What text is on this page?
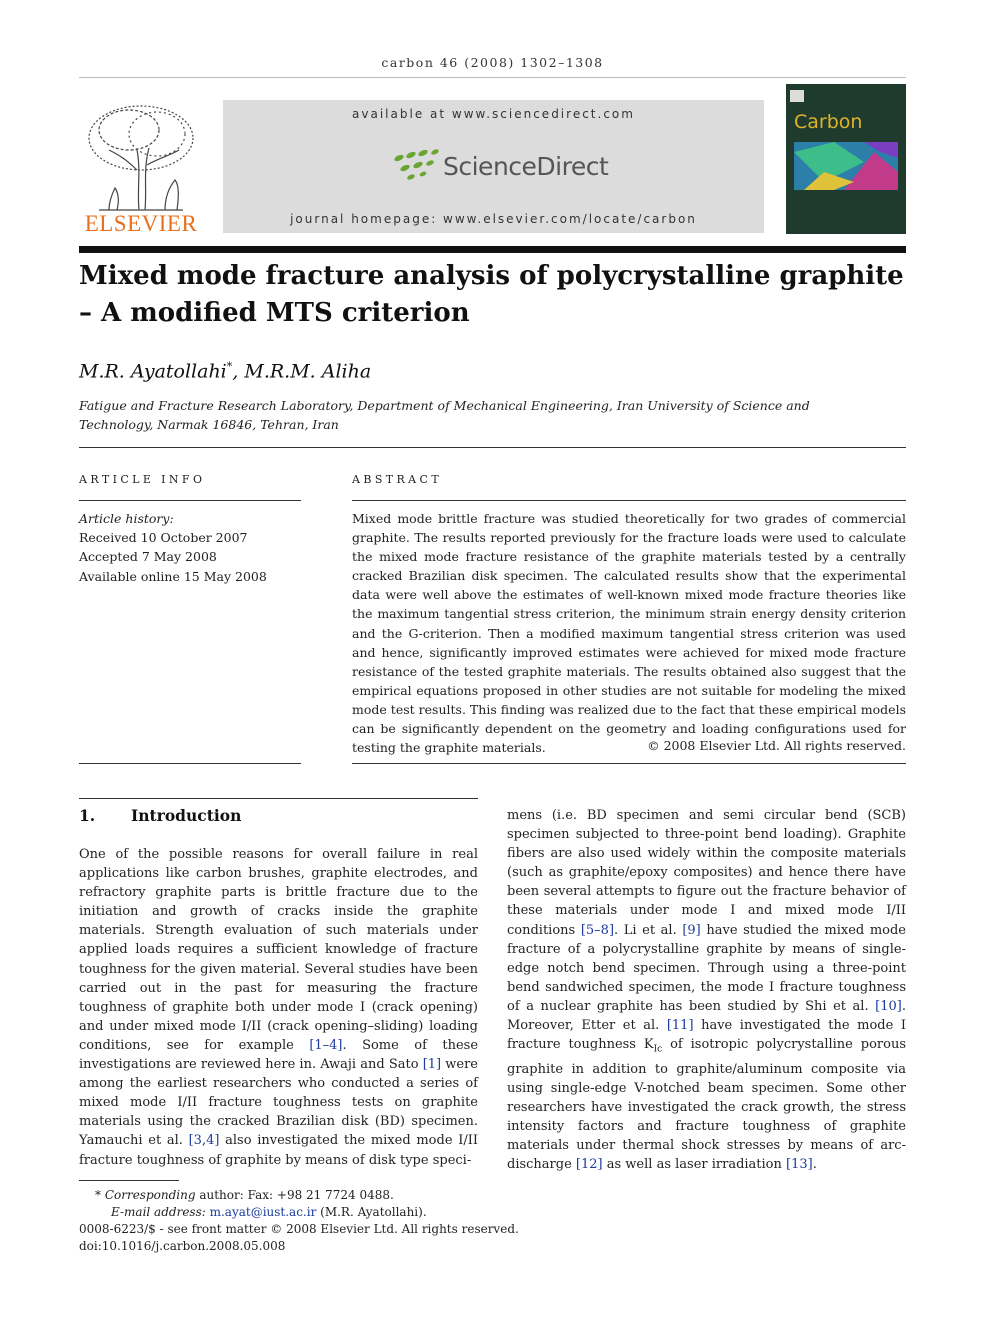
carbon 46 (2008) 1302–1308
ELSEVIER
available at www.sciencedirect.com
ScienceDirect
journal homepage: www.elsevier.com/locate/carbon
Carbon
Mixed mode fracture analysis of polycrystalline graphite – A modified MTS criterion
M.R. Ayatollahi*, M.R.M. Aliha
Fatigue and Fracture Research Laboratory, Department of Mechanical Engineering, Iran University of Science and Technology, Narmak 16846, Tehran, Iran
ARTICLE INFO
Article history:
Received 10 October 2007
Accepted 7 May 2008
Available online 15 May 2008
ABSTRACT

Mixed mode brittle fracture was studied theoretically for two grades of commercial graphite. The results reported previously for the fracture loads were used to calculate the mixed mode fracture resistance of the graphite materials tested by a centrally cracked Brazilian disk specimen. The calculated results show that the experimental data were well above the estimates of well-known mixed mode fracture theories like the maximum tangential stress criterion, the minimum strain energy density criterion and the G-criterion. Then a modified maximum tangential stress criterion was used and hence, significantly improved estimates were achieved for mixed mode fracture resistance of the tested graphite materials. The results obtained also suggest that the empirical equations proposed in other studies are not suitable for modeling the mixed mode test results. This finding was realized due to the fact that these empirical models can be significantly dependent on the geometry and loading configurations used for testing the graphite materials.	© 2008 Elsevier Ltd. All rights reserved.
1. Introduction

One of the possible reasons for overall failure in real applications like carbon brushes, graphite electrodes, and refractory graphite parts is brittle fracture due to the initiation and growth of cracks inside the graphite materials. Strength evaluation of such materials under applied loads requires a sufficient knowledge of fracture toughness for the given material. Several studies have been carried out in the past for measuring the fracture toughness of graphite both under mode I (crack opening) and under mixed mode I/II (crack opening–sliding) loading conditions, see for example [1–4]. Some of these investigations are reviewed here in. Awaji and Sato [1] were among the earliest researchers who conducted a series of mixed mode I/II fracture toughness tests on graphite materials using the cracked Brazilian disk (BD) specimen. Yamauchi et al. [3,4] also investigated the mixed mode I/II fracture toughness of graphite by means of disk type speci-

mens (i.e. BD specimen and semi circular bend (SCB) specimen subjected to three-point bend loading). Graphite fibers are also used widely within the composite materials (such as graphite/epoxy composites) and hence there have been several attempts to figure out the fracture behavior of these materials under mode I and mixed mode I/II conditions [5–8]. Li et al. [9] have studied the mixed mode fracture of a polycrystalline graphite by means of single-edge notch bend specimen. Through using a three-point bend sandwiched specimen, the mode I fracture toughness of a nuclear graphite has been studied by Shi et al. [10]. Moreover, Etter et al. [11] have investigated the mode I fracture toughness $K_{Ic}$ of isotropic polycrystalline porous graphite in addition to graphite/aluminum composite via using single-edge V-notched beam specimen. Some other researchers have investigated the crack growth, the stress intensity factors and fracture toughness of graphite materials under thermal shock stresses by means of arc-discharge [12] as well as laser irradiation [13].

* Corresponding author: Fax: +98 21 7724 0488.
E-mail address: m.ayat@iust.ac.ir (M.R. Ayatollahi).
0008-6223/$ - see front matter © 2008 Elsevier Ltd. All rights reserved.
doi:10.1016/j.carbon.2008.05.008
